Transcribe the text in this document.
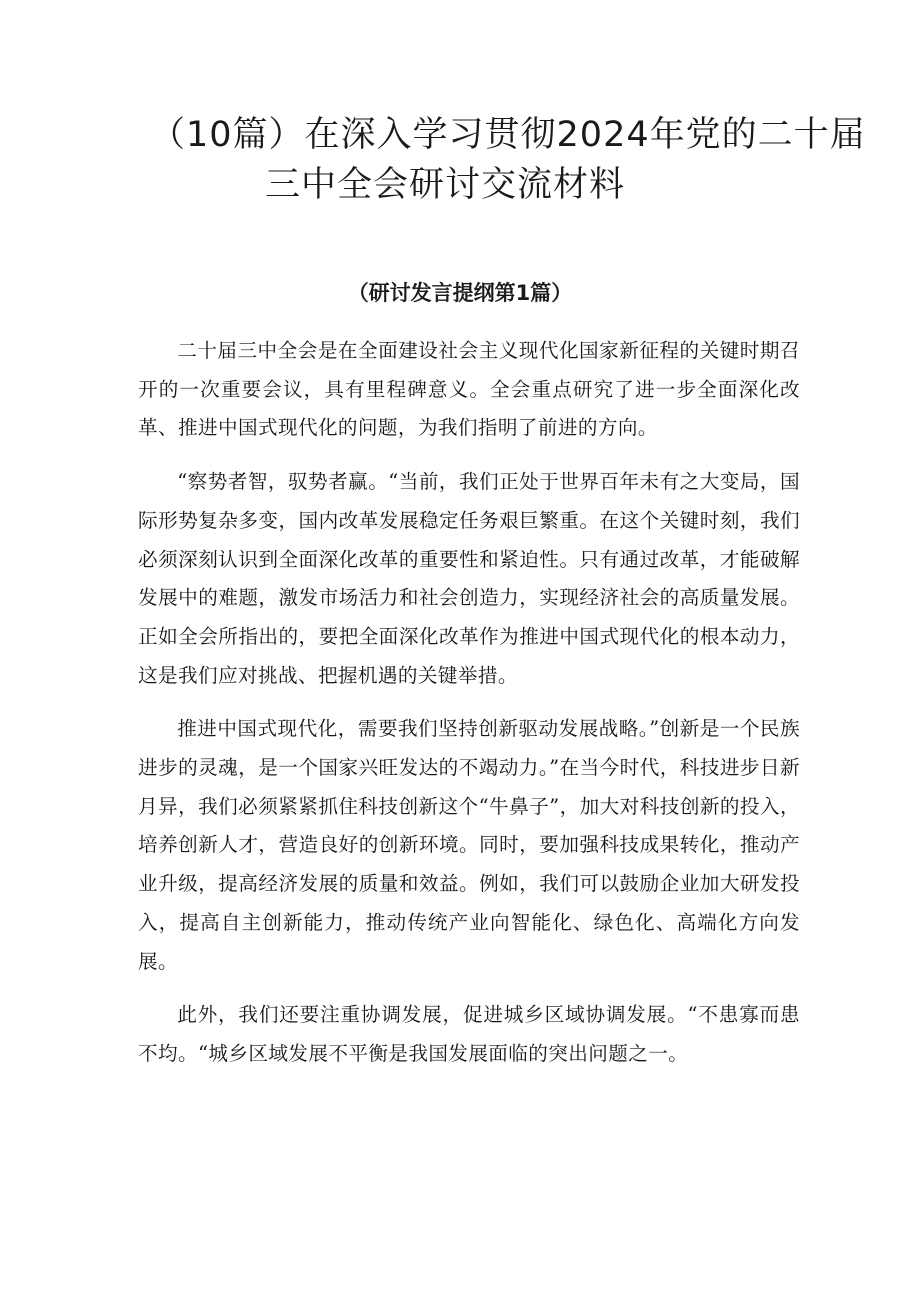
（10篇）在深入学习贯彻2024年党的二十届
三中全会研讨交流材料
（研讨发言提纲第1篇）

二十届三中全会是在全面建设社会主义现代化国家新征程的关键时期召开的一次重要会议，具有里程碑意义。全会重点研究了进一步全面深化改革、推进中国式现代化的问题，为我们指明了前进的方向。

“察势者智，驭势者赢。“当前，我们正处于世界百年未有之大变局，国际形势复杂多变，国内改革发展稳定任务艰巨繁重。在这个关键时刻，我们必须深刻认识到全面深化改革的重要性和紧迫性。只有通过改革，才能破解发展中的难题，激发市场活力和社会创造力，实现经济社会的高质量发展。正如全会所指出的，要把全面深化改革作为推进中国式现代化的根本动力，这是我们应对挑战、把握机遇的关键举措。

推进中国式现代化，需要我们坚持创新驱动发展战略。”创新是一个民族进步的灵魂，是一个国家兴旺发达的不竭动力。”在当今时代，科技进步日新月异，我们必须紧紧抓住科技创新这个“牛鼻子”，加大对科技创新的投入，培养创新人才，营造良好的创新环境。同时，要加强科技成果转化，推动产业升级，提高经济发展的质量和效益。例如，我们可以鼓励企业加大研发投入，提高自主创新能力，推动传统产业向智能化、绿色化、高端化方向发展。

此外，我们还要注重协调发展，促进城乡区域协调发展。“不患寡而患不均。“城乡区域发展不平衡是我国发展面临的突出问题之一。
